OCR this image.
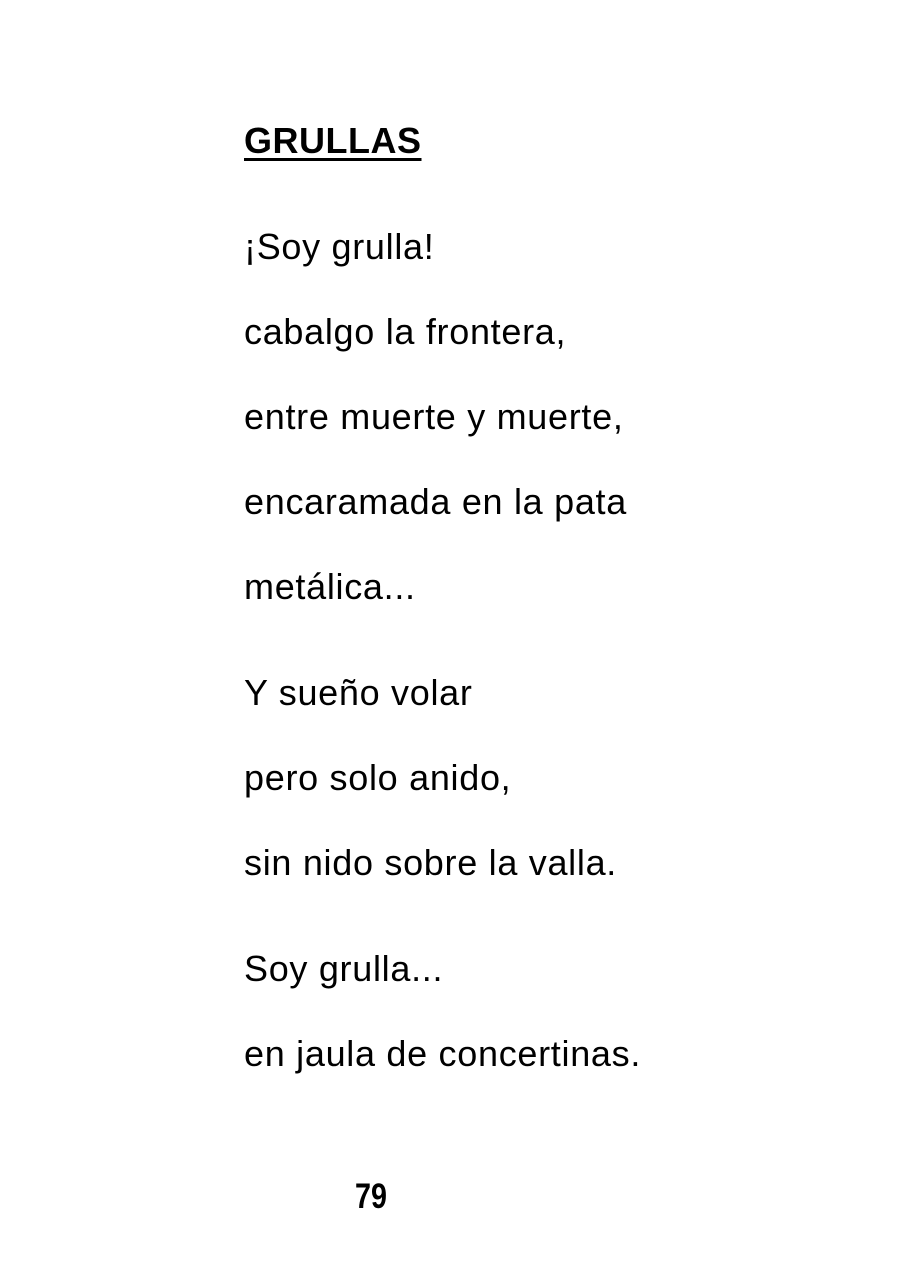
GRULLAS

¡Soy grulla!

cabalgo la frontera,

entre muerte y muerte,

encaramada en la pata

metálica...

Y sueño volar

pero solo anido,

sin nido sobre la valla.

Soy grulla...

en jaula de concertinas.

79
